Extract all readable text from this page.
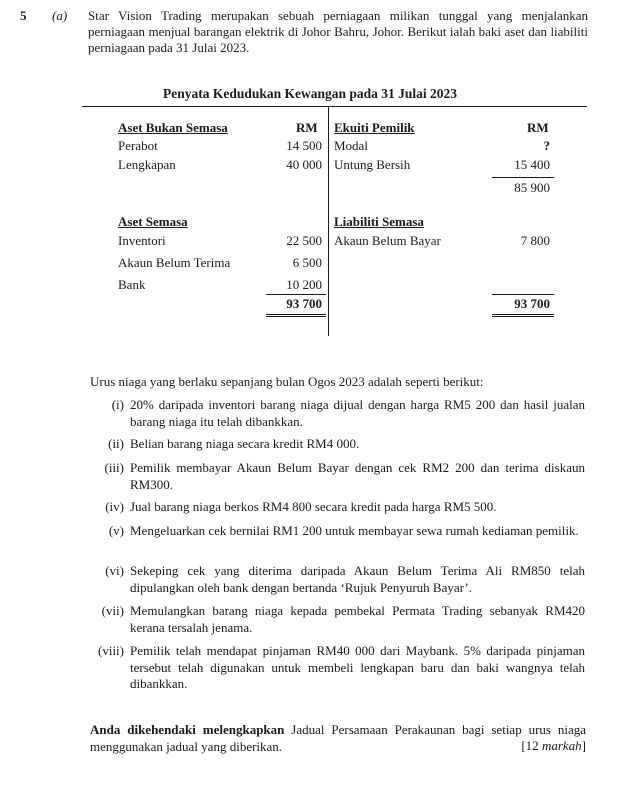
5 (a) Star Vision Trading merupakan sebuah perniagaan milikan tunggal yang menjalankan perniagaan menjual barangan elektrik di Johor Bahru, Johor. Berikut ialah baki aset dan liabiliti perniagaan pada 31 Julai 2023.
Penyata Kedudukan Kewangan pada 31 Julai 2023
Aset Bukan Semasa	RM
Perabot	14 500
Lengkapan	40 000
Aset Semasa
Inventori	22 500
Akaun Belum Terima	6 500
Bank	10 200
93 700
Ekuiti Pemilik	RM
Modal	?
Untung Bersih	15 400
85 900
Liabiliti Semasa
Akaun Belum Bayar	7 800
93 700
Urus niaga yang berlaku sepanjang bulan Ogos 2023 adalah seperti berikut:
(i) 20% daripada inventori barang niaga dijual dengan harga RM5 200 dan hasil jualan barang niaga itu telah dibankkan.
(ii) Belian barang niaga secara kredit RM4 000.
(iii) Pemilik membayar Akaun Belum Bayar dengan cek RM2 200 dan terima diskaun RM300.
(iv) Jual barang niaga berkos RM4 800 secara kredit pada harga RM5 500.
(v) Mengeluarkan cek bernilai RM1 200 untuk membayar sewa rumah kediaman pemilik.
(vi) Sekeping cek yang diterima daripada Akaun Belum Terima Ali RM850 telah dipulangkan oleh bank dengan bertanda ‘Rujuk Penyuruh Bayar’.
(vii) Memulangkan barang niaga kepada pembekal Permata Trading sebanyak RM420 kerana tersalah jenama.
(viii) Pemilik telah mendapat pinjaman RM40 000 dari Maybank. 5% daripada pinjaman tersebut telah digunakan untuk membeli lengkapan baru dan baki wangnya telah dibankkan.
Anda dikehendaki melengkapkan Jadual Persamaan Perakaunan bagi setiap urus niaga menggunakan jadual yang diberikan.	[12 markah]
